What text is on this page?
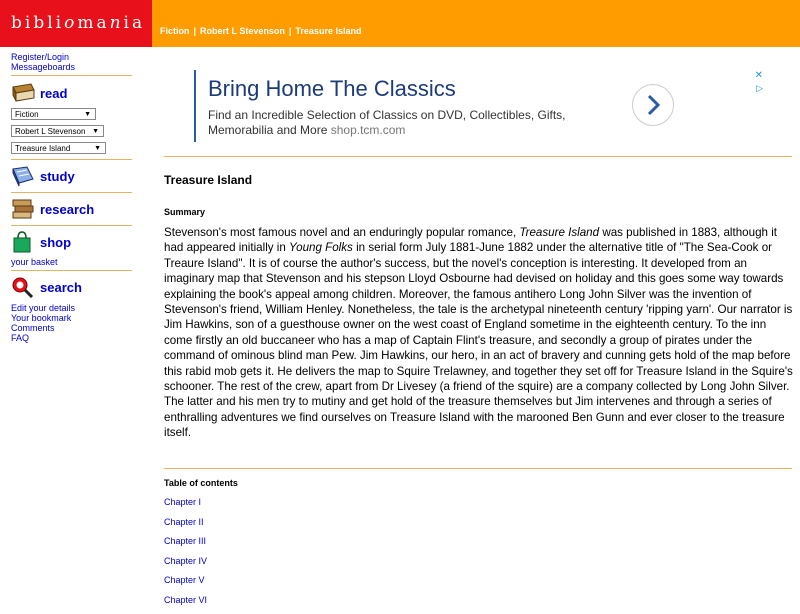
bibliomania Fiction | Robert L Stevenson | Treasure Island
Register/Login
Messageboards
read
Fiction	▼
Robert L Stevenson ▼
Treasure Island	▼
study
research
shop
your basket
search
Edit your details
Your bookmark
Comments
FAQ
Bring Home The Classics
Find an Incredible Selection of Classics on DVD, Collectibles, Gifts, Memorabilia and More shop.tcm.com
✕
▷
Treasure Island
Summary
Stevenson's most famous novel and an enduringly popular romance, Treasure Island was published in 1883, although it had appeared initially in Young Folks in serial form July 1881-June 1882 under the alternative title of "The Sea-Cook or Treaure Island". It is of course the author's success, but the novel's conception is interesting. It developed from an imaginary map that Stevenson and his stepson Lloyd Osbourne had devised on holiday and this goes some way towards explaining the book's appeal among children. Moreover, the famous antihero Long John Silver was the invention of Stevenson's friend, William Henley. Nonetheless, the tale is the archetypal nineteenth century 'ripping yarn'. Our narrator is Jim Hawkins, son of a guesthouse owner on the west coast of England sometime in the eighteenth century. To the inn come firstly an old buccaneer who has a map of Captain Flint's treasure, and secondly a group of pirates under the command of ominous blind man Pew. Jim Hawkins, our hero, in an act of bravery and cunning gets hold of the map before this rabid mob gets it. He delivers the map to Squire Trelawney, and together they set off for Treasure Island in the Squire's schooner. The rest of the crew, apart from Dr Livesey (a friend of the squire) are a company collected by Long John Silver. The latter and his men try to mutiny and get hold of the treasure themselves but Jim intervenes and through a series of enthralling adventures we find ourselves on Treasure Island with the marooned Ben Gunn and ever closer to the treasure itself.
Table of contents
Chapter I
Chapter II
Chapter III
Chapter IV
Chapter V
Chapter VI
